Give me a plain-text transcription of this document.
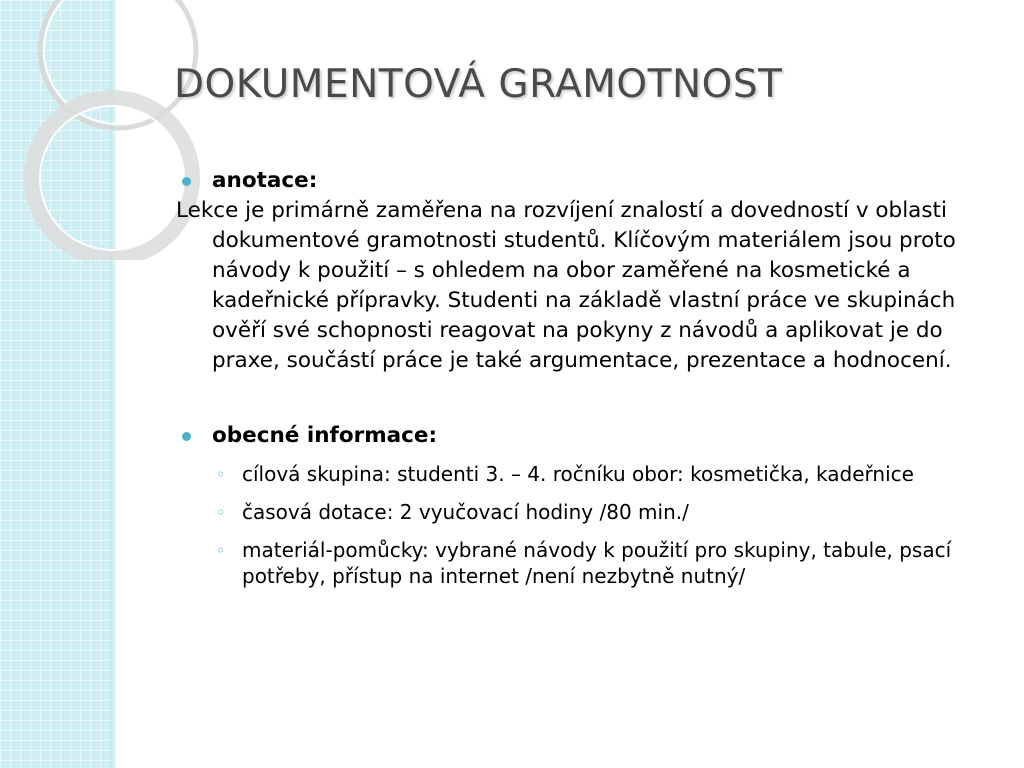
DOKUMENTOVÁ GRAMOTNOST
anotace:

Lekce je primárně zaměřena na rozvíjení znalostí a dovedností v oblasti dokumentové gramotnosti studentů. Klíčovým materiálem jsou proto návody k použití – s ohledem na obor zaměřené na kosmetické a kadeřnické přípravky. Studenti na základě vlastní práce ve skupinách ověří své schopnosti reagovat na pokyny z návodů a aplikovat je do praxe, součástí práce je také argumentace, prezentace a hodnocení.

obecné informace:
◦ cílová skupina: studenti 3. – 4. ročníku obor: kosmetička, kadeřnice
◦ časová dotace: 2 vyučovací hodiny /80 min./
◦ materiál-pomůcky: vybrané návody k použití pro skupiny, tabule, psací potřeby, přístup na internet /není nezbytně nutný/
